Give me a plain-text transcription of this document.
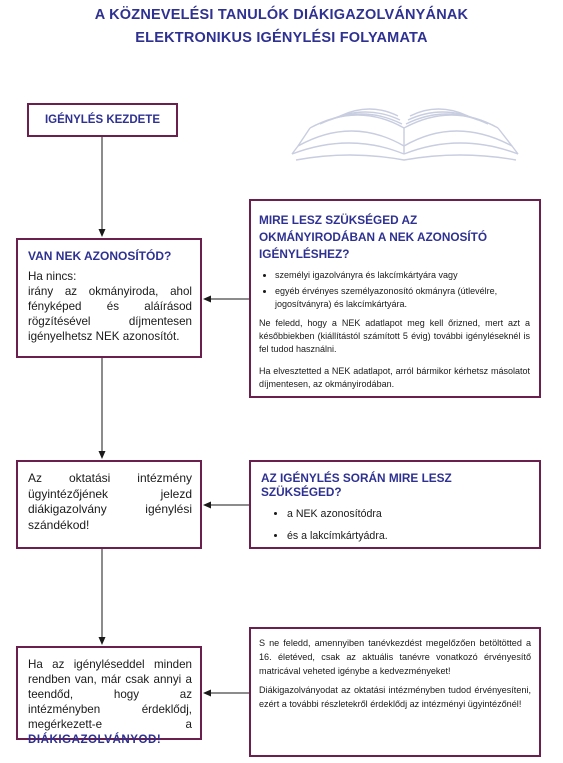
A KÖZNEVELÉSI TANULÓK DIÁKIGAZOLVÁNYÁNAK
ELEKTRONIKUS IGÉNYLÉSI FOLYAMATA
IGÉNYLÉS KEZDETE
VAN NEK AZONOSÍTÓD?
Ha nincs:
irány az okmányiroda, ahol fényképed és aláírásod rögzítésével díjmentesen igényelhetsz NEK azonosítót.
Az oktatási intézmény ügyintézőjének jelezd diákigazolvány igénylési szándékod!
Ha az igényléseddel minden rendben van, már csak annyi a teendőd, hogy az intézményben érdeklődj, megérkezett-e a DIÁKIGAZOLVÁNYOD!
MIRE LESZ SZÜKSÉGED AZ OKMÁNYIRODÁBAN A NEK AZONOSÍTÓ IGÉNYLÉSHEZ?
• személyi igazolványra és lakcímkártyára vagy
• egyéb érvényes személyazonosító okmányra (útlevélre, jogosítványra) és lakcímkártyára.

Ne feledd, hogy a NEK adatlapot meg kell őrizned, mert azt a későbbiekben (kiállítástól számított 5 évig) további igényléseknél is fel tudod használni.

Ha elvesztetted a NEK adatlapot, arról bármikor kérhetsz másolatot díjmentesen, az okmányirodában.

AZ IGÉNYLÉS SORÁN MIRE LESZ SZÜKSÉGED?
• a NEK azonosítódra
• és a lakcímkártyádra.

S ne feledd, amennyiben tanévkezdést megelőzően betöltötted a 16. életéved, csak az aktuális tanévre vonatkozó érvényesítő matricával veheted igénybe a kedvezményeket!

Diákigazolványodat az oktatási intézményben tudod érvényesíteni, ezért a további részletekről érdeklődj az intézményi ügyintézőnél!
